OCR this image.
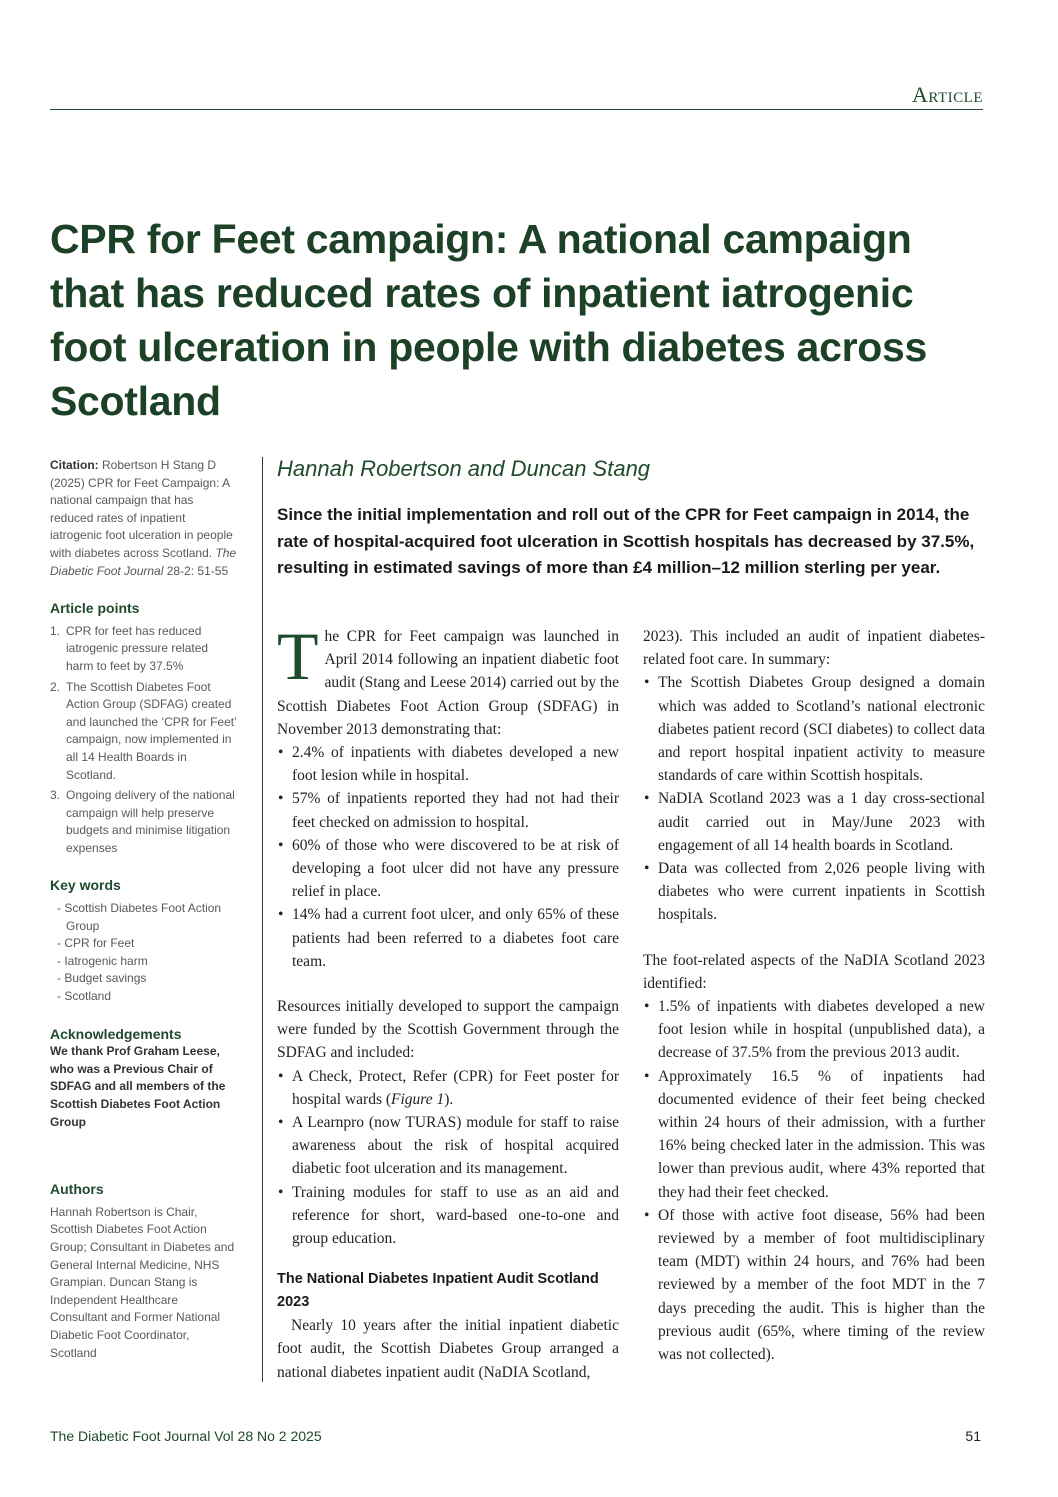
Article
CPR for Feet campaign: A national campaign that has reduced rates of inpatient iatrogenic foot ulceration in people with diabetes across Scotland
Citation: Robertson H Stang D (2025) CPR for Feet Campaign: A national campaign that has reduced rates of inpatient iatrogenic foot ulceration in people with diabetes across Scotland. The Diabetic Foot Journal 28-2: 51-55
Article points
1. CPR for feet has reduced iatrogenic pressure related harm to feet by 37.5%
2. The Scottish Diabetes Foot Action Group (SDFAG) created and launched the ‘CPR for Feet’ campaign, now implemented in all 14 Health Boards in Scotland.
3. Ongoing delivery of the national campaign will help preserve budgets and minimise litigation expenses
Key words
- Scottish Diabetes Foot Action Group
- CPR for Feet
- Iatrogenic harm
- Budget savings
- Scotland
Acknowledgements
We thank Prof Graham Leese, who was a Previous Chair of SDFAG and all members of the Scottish Diabetes Foot Action Group
Authors
Hannah Robertson is Chair, Scottish Diabetes Foot Action Group; Consultant in Diabetes and General Internal Medicine, NHS Grampian. Duncan Stang is Independent Healthcare Consultant and Former National Diabetic Foot Coordinator, Scotland
Hannah Robertson and Duncan Stang

Since the initial implementation and roll out of the CPR for Feet campaign in 2014, the rate of hospital-acquired foot ulceration in Scottish hospitals has decreased by 37.5%, resulting in estimated savings of more than £4 million–12 million sterling per year.

The CPR for Feet campaign was launched in April 2014 following an inpatient diabetic foot audit (Stang and Leese 2014) carried out by the Scottish Diabetes Foot Action Group (SDFAG) in November 2013 demonstrating that:

• 2.4% of inpatients with diabetes developed a new foot lesion while in hospital.
• 57% of inpatients reported they had not had their feet checked on admission to hospital.
• 60% of those who were discovered to be at risk of developing a foot ulcer did not have any pressure relief in place.
• 14% had a current foot ulcer, and only 65% of these patients had been referred to a diabetes foot care team.

Resources initially developed to support the campaign were funded by the Scottish Government through the SDFAG and included:

• A Check, Protect, Refer (CPR) for Feet poster for hospital wards (Figure 1).
• A Learnpro (now TURAS) module for staff to raise awareness about the risk of hospital acquired diabetic foot ulceration and its management.
• Training modules for staff to use as an aid and reference for short, ward-based one-to-one and group education.
The National Diabetes Inpatient Audit Scotland 2023

Nearly 10 years after the initial inpatient diabetic foot audit, the Scottish Diabetes Group arranged a national diabetes inpatient audit (NaDIA Scotland,

2023). This included an audit of inpatient diabetes-related foot care. In summary:

• The Scottish Diabetes Group designed a domain which was added to Scotland’s national electronic diabetes patient record (SCI diabetes) to collect data and report hospital inpatient activity to measure standards of care within Scottish hospitals.
• NaDIA Scotland 2023 was a 1 day cross-sectional audit carried out in May/June 2023 with engagement of all 14 health boards in Scotland.
• Data was collected from 2,026 people living with diabetes who were current inpatients in Scottish hospitals.

The foot-related aspects of the NaDIA Scotland 2023 identified:

• 1.5% of inpatients with diabetes developed a new foot lesion while in hospital (unpublished data), a decrease of 37.5% from the previous 2013 audit.
• Approximately 16.5 % of inpatients had documented evidence of their feet being checked within 24 hours of their admission, with a further 16% being checked later in the admission. This was lower than previous audit, where 43% reported that they had their feet checked.
• Of those with active foot disease, 56% had been reviewed by a member of foot multidisciplinary team (MDT) within 24 hours, and 76% had been reviewed by a member of the foot MDT in the 7 days preceding the audit. This is higher than the previous audit (65%, where timing of the review was not collected).
The Diabetic Foot Journal Vol 28 No 2 2025	51
